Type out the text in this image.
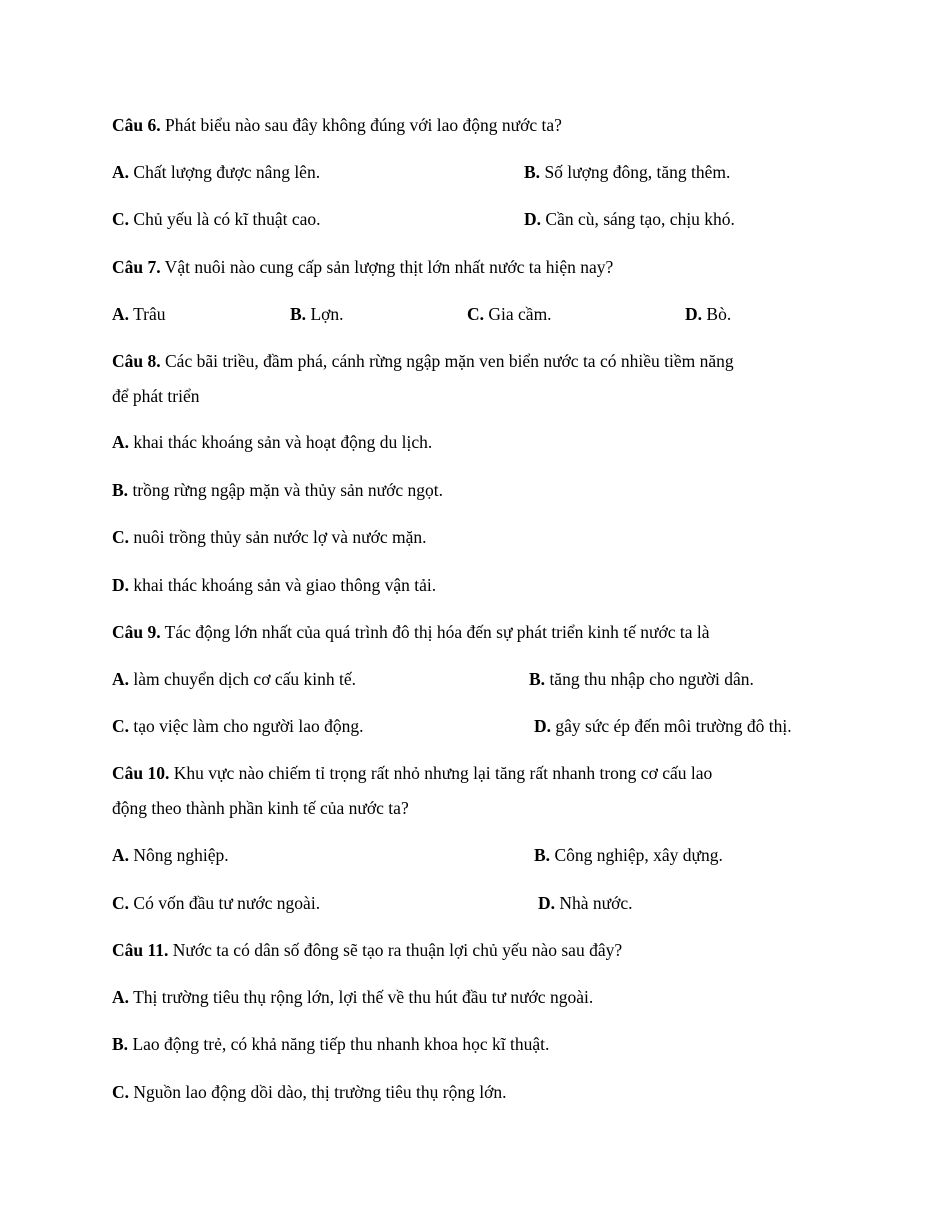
Câu 6. Phát biểu nào sau đây không đúng với lao động nước ta?
A. Chất lượng được nâng lên.	B. Số lượng đông, tăng thêm.
C. Chủ yếu là có kĩ thuật cao.	D. Cần cù, sáng tạo, chịu khó.
Câu 7. Vật nuôi nào cung cấp sản lượng thịt lớn nhất nước ta hiện nay?
A. Trâu	B. Lợn.	C. Gia cầm.	D. Bò.
Câu 8. Các bãi triều, đầm phá, cánh rừng ngập mặn ven biển nước ta có nhiều tiềm năng
để phát triển
A. khai thác khoáng sản và hoạt động du lịch.
B. trồng rừng ngập mặn và thủy sản nước ngọt.
C. nuôi trồng thủy sản nước lợ và nước mặn.
D. khai thác khoáng sản và giao thông vận tải.
Câu 9. Tác động lớn nhất của quá trình đô thị hóa đến sự phát triển kinh tế nước ta là
A. làm chuyển dịch cơ cấu kinh tế.	B. tăng thu nhập cho người dân.
C. tạo việc làm cho người lao động.	D. gây sức ép đến môi trường đô thị.
Câu 10. Khu vực nào chiếm tỉ trọng rất nhỏ nhưng lại tăng rất nhanh trong cơ cấu lao
động theo thành phần kinh tế của nước ta?
A. Nông nghiệp.	B. Công nghiệp, xây dựng.
C. Có vốn đầu tư nước ngoài.	D. Nhà nước.
Câu 11. Nước ta có dân số đông sẽ tạo ra thuận lợi chủ yếu nào sau đây?
A. Thị trường tiêu thụ rộng lớn, lợi thế về thu hút đầu tư nước ngoài.
B. Lao động trẻ, có khả năng tiếp thu nhanh khoa học kĩ thuật.
C. Nguồn lao động dồi dào, thị trường tiêu thụ rộng lớn.
